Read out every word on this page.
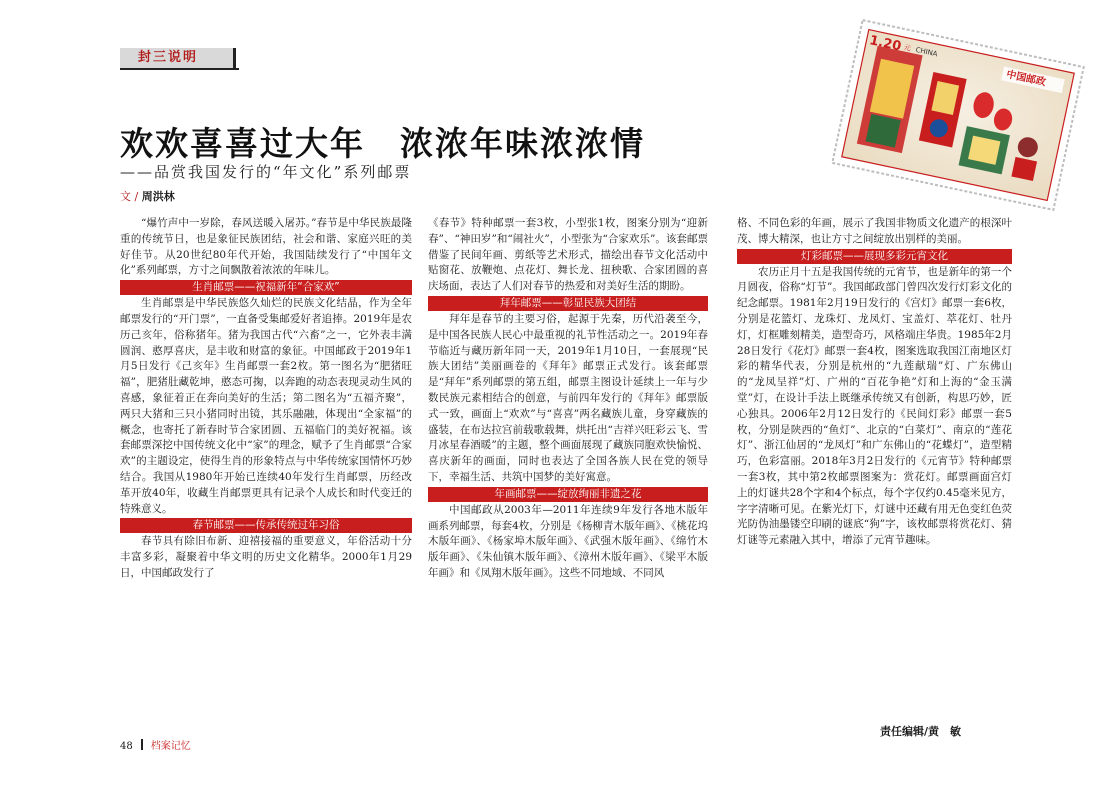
封三说明
欢欢喜喜过大年　浓浓年味浓浓情
——品赏我国发行的“年文化”系列邮票
文 / 周洪林
1.20 元 CHINA
中国邮政

“爆竹声中一岁除，春风送暖入屠苏。”春节是中华民族最隆重的传统节日，也是象征民族团结，社会和谐、家庭兴旺的美好佳节。从20世纪80年代开始，我国陆续发行了“中国年文化”系列邮票，方寸之间飘散着浓浓的年味儿。

生肖邮票——祝福新年“合家欢”

生肖邮票是中华民族悠久灿烂的民族文化结晶，作为全年邮票发行的“开门票”，一直备受集邮爱好者追捧。2019年是农历己亥年，俗称猪年。猪为我国古代“六畜”之一，它外表丰满圆润、憨厚喜庆，是丰收和财富的象征。中国邮政于2019年1月5日发行《己亥年》生肖邮票一套2枚。第一图名为“肥猪旺福”，肥猪肚藏乾坤，憨态可掬，以奔跑的动态表现灵动生风的喜感，象征着正在奔向美好的生活；第二图名为“五福齐聚”，两只大猪和三只小猪同时出镜，其乐融融，体现出“全家福”的概念，也寄托了新春时节合家团圆、五福临门的美好祝福。该套邮票深挖中国传统文化中“家”的理念，赋予了生肖邮票“合家欢”的主题设定，使得生肖的形象特点与中华传统家国情怀巧妙结合。我国从1980年开始已连续40年发行生肖邮票，历经改革开放40年，收藏生肖邮票更具有记录个人成长和时代变迁的特殊意义。

春节邮票——传承传统过年习俗

春节具有除旧布新、迎禧接福的重要意义，年俗活动十分丰富多彩，凝聚着中华文明的历史文化精华。2000年1月29日，中国邮政发行了

《春节》特种邮票一套3枚，小型张1枚，图案分别为“迎新春”、“神田岁”和“闹社火”，小型张为“合家欢乐”。该套邮票借鉴了民间年画、剪纸等艺术形式，描绘出春节文化活动中贴窗花、放鞭炮、点花灯、舞长龙、扭秧歌、合家团圆的喜庆场面，表达了人们对春节的热爱和对美好生活的期盼。

拜年邮票——彰显民族大团结

拜年是春节的主要习俗，起源于先秦，历代沿袭至今，是中国各民族人民心中最重视的礼节性活动之一。2019年春节临近与藏历新年同一天，2019年1月10日，一套展现“民族大团结”美丽画卷的《拜年》邮票正式发行。该套邮票是“拜年”系列邮票的第五组，邮票主图设计延续上一年与少数民族元素相结合的创意，与前四年发行的《拜年》邮票版式一致，画面上“欢欢”与“喜喜”两名藏族儿童，身穿藏族的盛装，在布达拉宫前载歌载舞，烘托出“吉祥兴旺彩云飞、雪月冰星春酒暖”的主题，整个画面展现了藏族同胞欢快愉悦、喜庆新年的画面，同时也表达了全国各族人民在党的领导下，幸福生活、共筑中国梦的美好寓意。

年画邮票——绽放绚丽非遗之花

中国邮政从2003年—2011年连续9年发行各地木版年画系列邮票，每套4枚，分别是《杨柳青木版年画》、《桃花坞木版年画》、《杨家埠木版年画》、《武强木版年画》、《绵竹木版年画》、《朱仙镇木版年画》、《漳州木版年画》、《梁平木版年画》和《凤翔木版年画》。这些不同地域、不同风

格、不同色彩的年画，展示了我国非物质文化遗产的根深叶茂、博大精深，也让方寸之间绽放出别样的美丽。

灯彩邮票——展现多彩元宵文化

农历正月十五是我国传统的元宵节，也是新年的第一个月圆夜，俗称“灯节”。我国邮政部门曾四次发行灯彩文化的纪念邮票。1981年2月19日发行的《宫灯》邮票一套6枚，分别是花篮灯、龙珠灯、龙凤灯、宝盖灯、萃花灯、牡丹灯，灯框雕刻精美，造型奇巧，风格端庄华贵。1985年2月28日发行《花灯》邮票一套4枚，图案选取我国江南地区灯彩的精华代表，分别是杭州的“九莲献瑞”灯、广东佛山的“龙凤呈祥”灯、广州的“百花争艳”灯和上海的“金玉满堂”灯，在设计手法上既继承传统又有创新，构思巧妙，匠心独具。2006年2月12日发行的《民间灯彩》邮票一套5枚，分别是陕西的“鱼灯”、北京的“白菜灯”、南京的“莲花灯”、浙江仙居的“龙凤灯”和广东佛山的“花蝶灯”，造型精巧，色彩富丽。2018年3月2日发行的《元宵节》特种邮票一套3枚，其中第2枚邮票图案为：赏花灯。邮票画面宫灯上的灯谜共28个字和4个标点，每个字仅约0.45毫米见方，字字清晰可见。在紫光灯下，灯谜中还藏有用无色变红色荧光防伪油墨镂空印刷的谜底“狗”字，该枚邮票将赏花灯、猜灯谜等元素融入其中，增添了元宵节趣味。

责任编辑/黄　敏
48 档案记忆
